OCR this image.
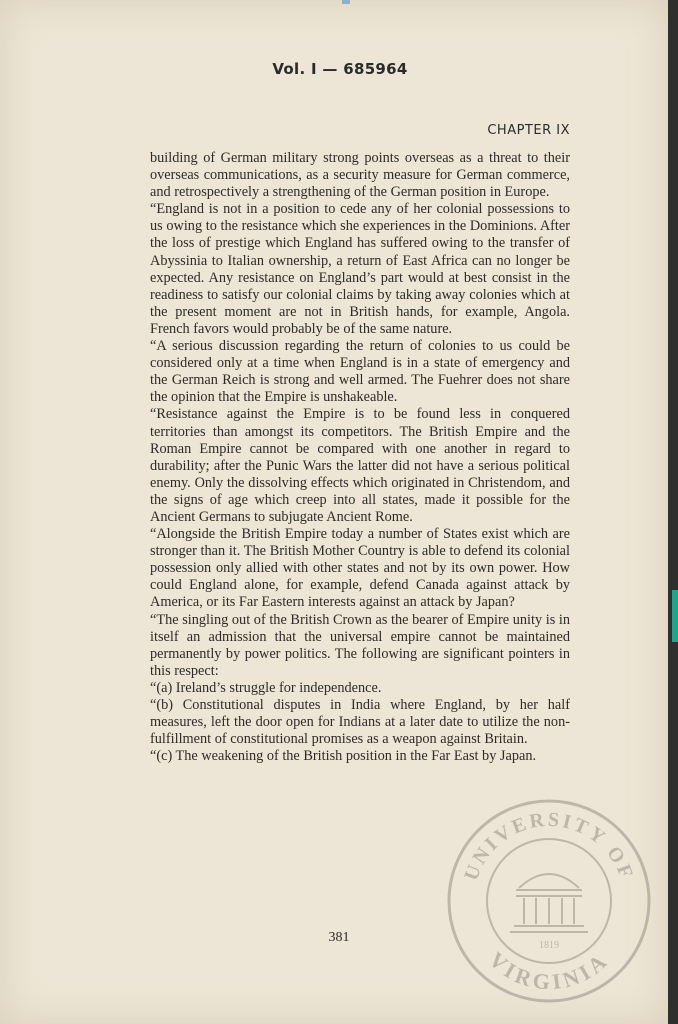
Vol. I — 685964
CHAPTER IX

building of German military strong points overseas as a threat to their overseas communications, as a security measure for German commerce, and retrospectively a strengthening of the German position in Europe.

“England is not in a position to cede any of her colonial possessions to us owing to the resistance which she experiences in the Dominions. After the loss of prestige which England has suffered owing to the transfer of Abyssinia to Italian ownership, a return of East Africa can no longer be expected. Any resistance on England’s part would at best consist in the readiness to satisfy our colonial claims by taking away colonies which at the present moment are not in British hands, for example, Angola. French favors would probably be of the same nature.

“A serious discussion regarding the return of colonies to us could be considered only at a time when England is in a state of emergency and the German Reich is strong and well armed. The Fuehrer does not share the opinion that the Empire is unshakeable.

“Resistance against the Empire is to be found less in conquered territories than amongst its competitors. The British Empire and the Roman Empire cannot be compared with one another in regard to durability; after the Punic Wars the latter did not have a serious political enemy. Only the dissolving effects which originated in Christendom, and the signs of age which creep into all states, made it possible for the Ancient Germans to subjugate Ancient Rome.

“Alongside the British Empire today a number of States exist which are stronger than it. The British Mother Country is able to defend its colonial possession only allied with other states and not by its own power. How could England alone, for example, defend Canada against attack by America, or its Far Eastern interests against an attack by Japan?

“The singling out of the British Crown as the bearer of Empire unity is in itself an admission that the universal empire cannot be maintained permanently by power politics. The following are significant pointers in this respect:

“(a) Ireland’s struggle for independence.

“(b) Constitutional disputes in India where England, by her half measures, left the door open for Indians at a later date to utilize the non-fulfillment of constitutional promises as a weapon against Britain.

“(c) The weakening of the British position in the Far East by Japan.

381
UNIVERSITY OF
VIRGINIA
1819
